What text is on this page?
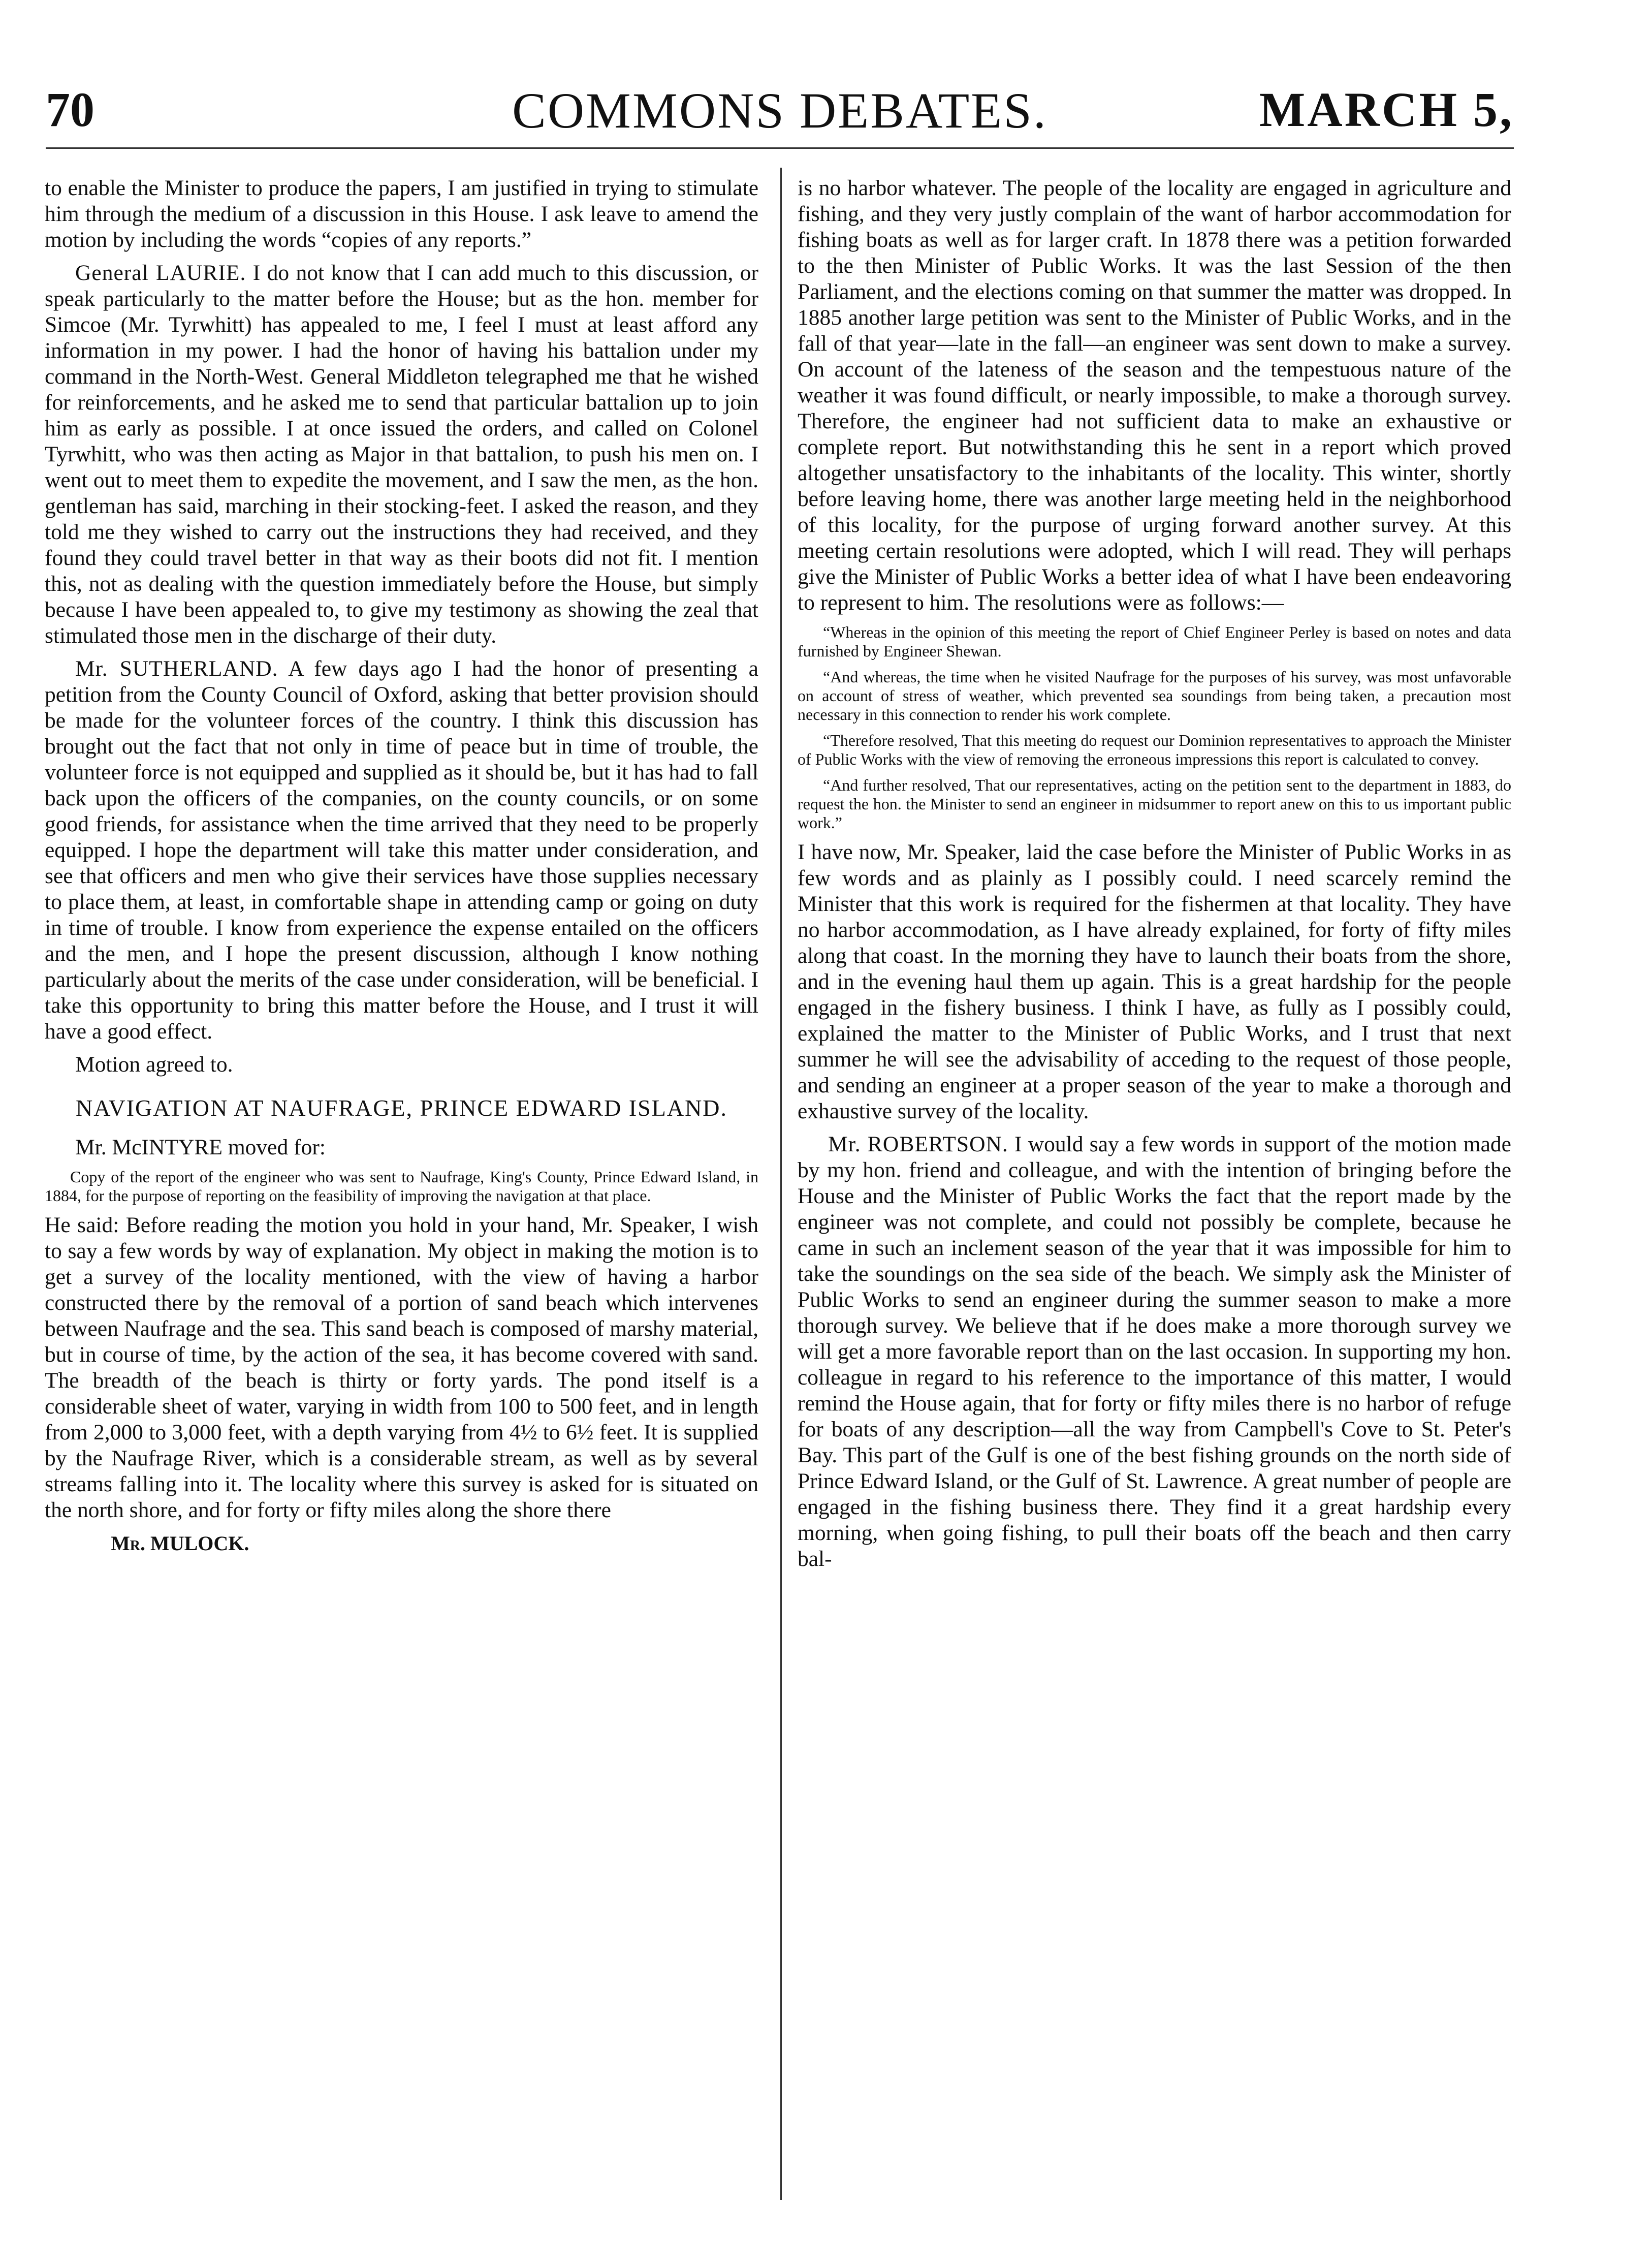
70	COMMONS DEBATES.	MARCH 5,

to enable the Minister to produce the papers, I am justified in trying to stimulate him through the medium of a discussion in this House. I ask leave to amend the motion by including the words “copies of any reports.”

General LAURIE. I do not know that I can add much to this discussion, or speak particularly to the matter before the House; but as the hon. member for Simcoe (Mr. Tyrwhitt) has appealed to me, I feel I must at least afford any information in my power. I had the honor of having his battalion under my command in the North-West. General Middleton telegraphed me that he wished for reinforcements, and he asked me to send that particular battalion up to join him as early as possible. I at once issued the orders, and called on Colonel Tyrwhitt, who was then acting as Major in that battalion, to push his men on. I went out to meet them to expedite the movement, and I saw the men, as the hon. gentleman has said, marching in their stocking-feet. I asked the reason, and they told me they wished to carry out the instructions they had received, and they found they could travel better in that way as their boots did not fit. I mention this, not as dealing with the question immediately before the House, but simply because I have been appealed to, to give my testimony as showing the zeal that stimulated those men in the discharge of their duty.

Mr. SUTHERLAND. A few days ago I had the honor of presenting a petition from the County Council of Oxford, asking that better provision should be made for the volunteer forces of the country. I think this discussion has brought out the fact that not only in time of peace but in time of trouble, the volunteer force is not equipped and supplied as it should be, but it has had to fall back upon the officers of the companies, on the county councils, or on some good friends, for assistance when the time arrived that they need to be properly equipped. I hope the department will take this matter under consideration, and see that officers and men who give their services have those supplies necessary to place them, at least, in comfortable shape in attending camp or going on duty in time of trouble. I know from experience the expense entailed on the officers and the men, and I hope the present discussion, although I know nothing particularly about the merits of the case under consideration, will be beneficial. I take this opportunity to bring this matter before the House, and I trust it will have a good effect.

Motion agreed to.

NAVIGATION AT NAUFRAGE, PRINCE EDWARD ISLAND.

Mr. McINTYRE moved for:

Copy of the report of the engineer who was sent to Naufrage, King's County, Prince Edward Island, in 1884, for the purpose of reporting on the feasibility of improving the navigation at that place.

He said: Before reading the motion you hold in your hand, Mr. Speaker, I wish to say a few words by way of explanation. My object in making the motion is to get a survey of the locality mentioned, with the view of having a harbor constructed there by the removal of a portion of sand beach which intervenes between Naufrage and the sea. This sand beach is composed of marshy material, but in course of time, by the action of the sea, it has become covered with sand. The breadth of the beach is thirty or forty yards. The pond itself is a considerable sheet of water, varying in width from 100 to 500 feet, and in length from 2,000 to 3,000 feet, with a depth varying from 4½ to 6½ feet. It is supplied by the Naufrage River, which is a considerable stream, as well as by several streams falling into it. The locality where this survey is asked for is situated on the north shore, and for forty or fifty miles along the shore there

Mr. MULOCK.

is no harbor whatever. The people of the locality are engaged in agriculture and fishing, and they very justly complain of the want of harbor accommodation for fishing boats as well as for larger craft. In 1878 there was a petition forwarded to the then Minister of Public Works. It was the last Session of the then Parliament, and the elections coming on that summer the matter was dropped. In 1885 another large petition was sent to the Minister of Public Works, and in the fall of that year—late in the fall—an engineer was sent down to make a survey. On account of the lateness of the season and the tempestuous nature of the weather it was found difficult, or nearly impossible, to make a thorough survey. Therefore, the engineer had not sufficient data to make an exhaustive or complete report. But notwithstanding this he sent in a report which proved altogether unsatisfactory to the inhabitants of the locality. This winter, shortly before leaving home, there was another large meeting held in the neighborhood of this locality, for the purpose of urging forward another survey. At this meeting certain resolutions were adopted, which I will read. They will perhaps give the Minister of Public Works a better idea of what I have been endeavoring to represent to him. The resolutions were as follows:—

“Whereas in the opinion of this meeting the report of Chief Engineer Perley is based on notes and data furnished by Engineer Shewan.

“And whereas, the time when he visited Naufrage for the purposes of his survey, was most unfavorable on account of stress of weather, which prevented sea soundings from being taken, a precaution most necessary in this connection to render his work complete.

“Therefore resolved, That this meeting do request our Dominion representatives to approach the Minister of Public Works with the view of removing the erroneous impressions this report is calculated to convey.

“And further resolved, That our representatives, acting on the petition sent to the department in 1883, do request the hon. the Minister to send an engineer in midsummer to report anew on this to us important public work.”

I have now, Mr. Speaker, laid the case before the Minister of Public Works in as few words and as plainly as I possibly could. I need scarcely remind the Minister that this work is required for the fishermen at that locality. They have no harbor accommodation, as I have already explained, for forty of fifty miles along that coast. In the morning they have to launch their boats from the shore, and in the evening haul them up again. This is a great hardship for the people engaged in the fishery business. I think I have, as fully as I possibly could, explained the matter to the Minister of Public Works, and I trust that next summer he will see the advisability of acceding to the request of those people, and sending an engineer at a proper season of the year to make a thorough and exhaustive survey of the locality.

Mr. ROBERTSON. I would say a few words in support of the motion made by my hon. friend and colleague, and with the intention of bringing before the House and the Minister of Public Works the fact that the report made by the engineer was not complete, and could not possibly be complete, because he came in such an inclement season of the year that it was impossible for him to take the soundings on the sea side of the beach. We simply ask the Minister of Public Works to send an engineer during the summer season to make a more thorough survey. We believe that if he does make a more thorough survey we will get a more favorable report than on the last occasion. In supporting my hon. colleague in regard to his reference to the importance of this matter, I would remind the House again, that for forty or fifty miles there is no harbor of refuge for boats of any description—all the way from Campbell's Cove to St. Peter's Bay. This part of the Gulf is one of the best fishing grounds on the north side of Prince Edward Island, or the Gulf of St. Lawrence. A great number of people are engaged in the fishing business there. They find it a great hardship every morning, when going fishing, to pull their boats off the beach and then carry bal-
